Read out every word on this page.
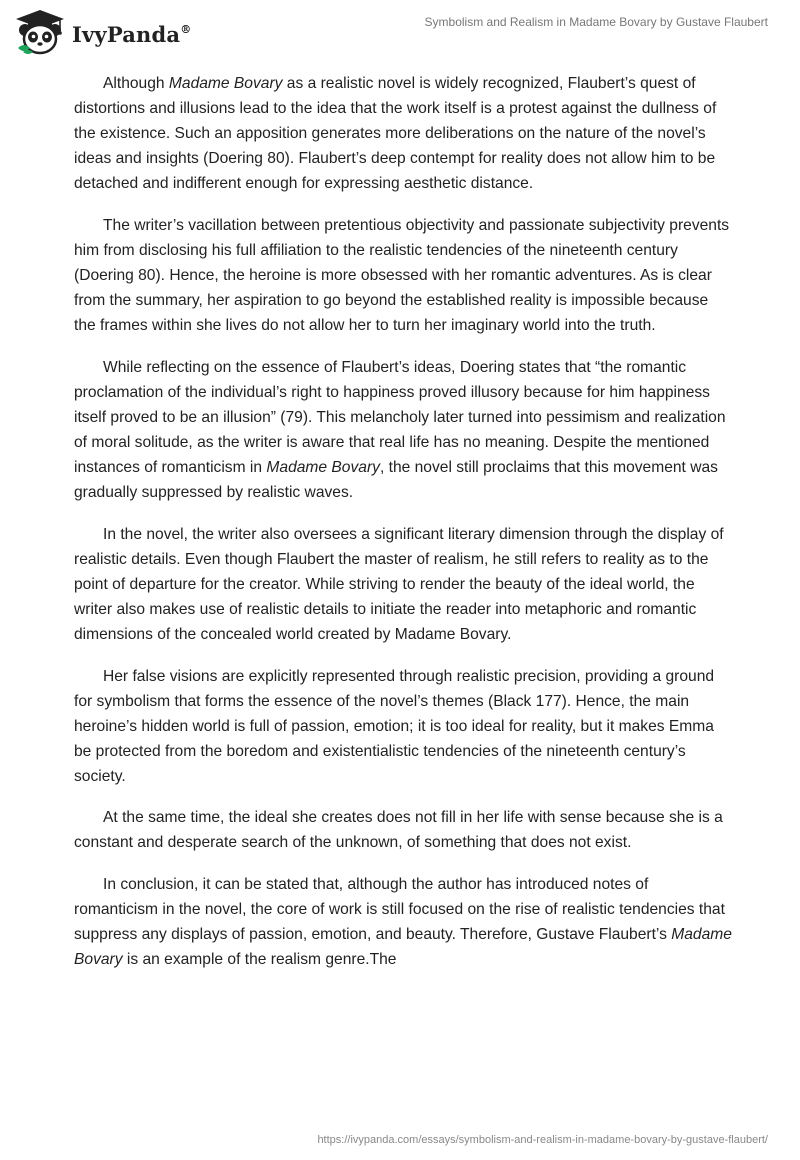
IvyPanda®	Symbolism and Realism in Madame Bovary by Gustave Flaubert

Although Madame Bovary as a realistic novel is widely recognized, Flaubert’s quest of distortions and illusions lead to the idea that the work itself is a protest against the dullness of the existence. Such an apposition generates more deliberations on the nature of the novel’s ideas and insights (Doering 80). Flaubert’s deep contempt for reality does not allow him to be detached and indifferent enough for expressing aesthetic distance.

The writer’s vacillation between pretentious objectivity and passionate subjectivity prevents him from disclosing his full affiliation to the realistic tendencies of the nineteenth century (Doering 80). Hence, the heroine is more obsessed with her romantic adventures. As is clear from the summary, her aspiration to go beyond the established reality is impossible because the frames within she lives do not allow her to turn her imaginary world into the truth.

While reflecting on the essence of Flaubert’s ideas, Doering states that “the romantic proclamation of the individual’s right to happiness proved illusory because for him happiness itself proved to be an illusion” (79). This melancholy later turned into pessimism and realization of moral solitude, as the writer is aware that real life has no meaning. Despite the mentioned instances of romanticism in Madame Bovary, the novel still proclaims that this movement was gradually suppressed by realistic waves.

In the novel, the writer also oversees a significant literary dimension through the display of realistic details. Even though Flaubert the master of realism, he still refers to reality as to the point of departure for the creator. While striving to render the beauty of the ideal world, the writer also makes use of realistic details to initiate the reader into metaphoric and romantic dimensions of the concealed world created by Madame Bovary.

Her false visions are explicitly represented through realistic precision, providing a ground for symbolism that forms the essence of the novel’s themes (Black 177). Hence, the main heroine’s hidden world is full of passion, emotion; it is too ideal for reality, but it makes Emma be protected from the boredom and existentialistic tendencies of the nineteenth century’s society.

At the same time, the ideal she creates does not fill in her life with sense because she is a constant and desperate search of the unknown, of something that does not exist.

In conclusion, it can be stated that, although the author has introduced notes of romanticism in the novel, the core of work is still focused on the rise of realistic tendencies that suppress any displays of passion, emotion, and beauty. Therefore, Gustave Flaubert’s Madame Bovary is an example of the realism genre.The

https://ivypanda.com/essays/symbolism-and-realism-in-madame-bovary-by-gustave-flaubert/
